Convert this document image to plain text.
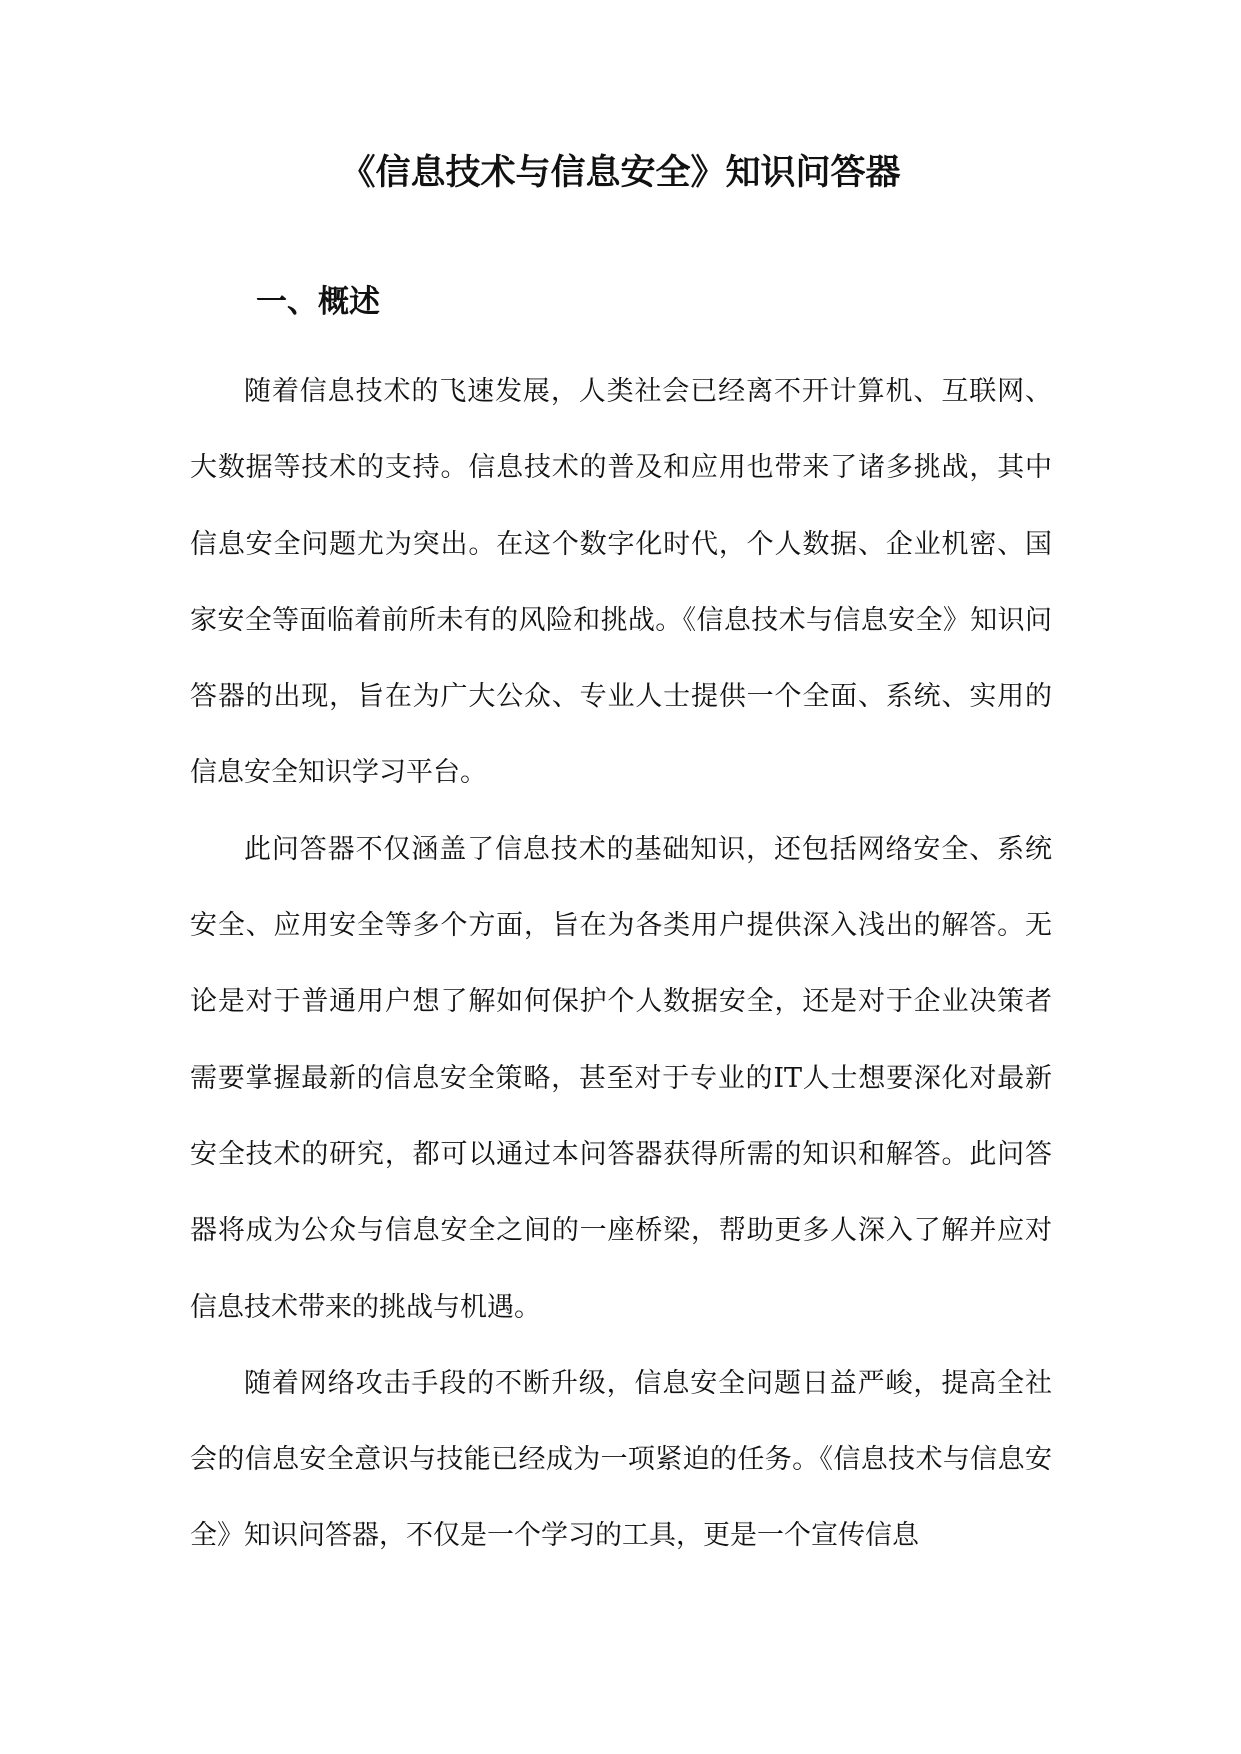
《信息技术与信息安全》知识问答器
一、概述

随着信息技术的飞速发展，人类社会已经离不开计算机、互联网、大数据等技术的支持。信息技术的普及和应用也带来了诸多挑战，其中信息安全问题尤为突出。在这个数字化时代，个人数据、企业机密、国家安全等面临着前所未有的风险和挑战。《信息技术与信息安全》知识问答器的出现，旨在为广大公众、专业人士提供一个全面、系统、实用的信息安全知识学习平台。

此问答器不仅涵盖了信息技术的基础知识，还包括网络安全、系统安全、应用安全等多个方面，旨在为各类用户提供深入浅出的解答。无论是对于普通用户想了解如何保护个人数据安全，还是对于企业决策者需要掌握最新的信息安全策略，甚至对于专业的IT人士想要深化对最新安全技术的研究，都可以通过本问答器获得所需的知识和解答。此问答器将成为公众与信息安全之间的一座桥梁，帮助更多人深入了解并应对信息技术带来的挑战与机遇。

随着网络攻击手段的不断升级，信息安全问题日益严峻，提高全社会的信息安全意识与技能已经成为一项紧迫的任务。《信息技术与信息安全》知识问答器，不仅是一个学习的工具，更是一个宣传信息
